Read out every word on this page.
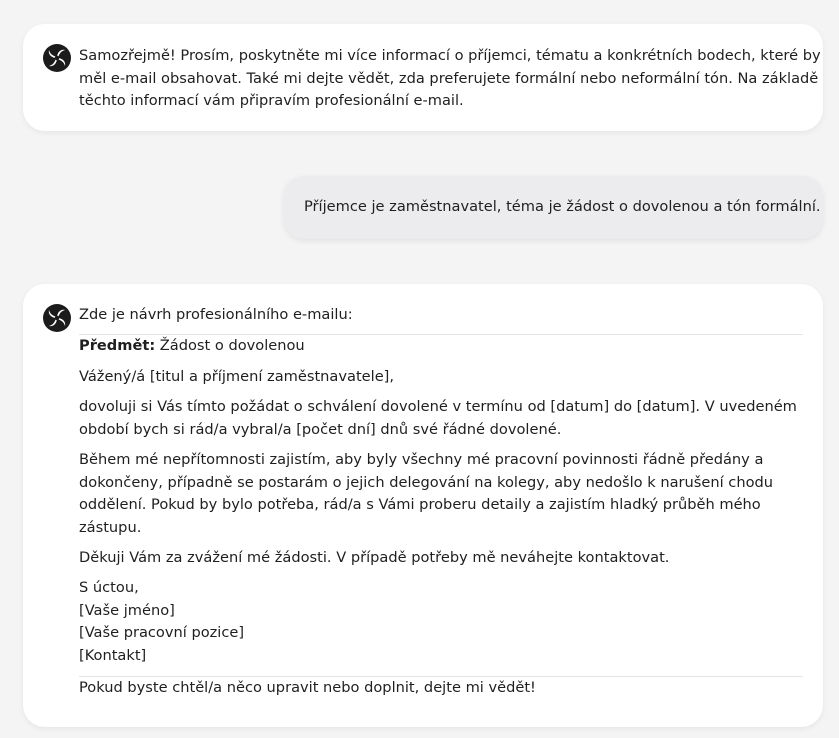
Samozřejmě! Prosím, poskytněte mi více informací o příjemci, tématu a konkrétních bodech, které by

měl e-mail obsahovat. Také mi dejte vědět, zda preferujete formální nebo neformální tón. Na základě

těchto informací vám připravím profesionální e-mail.

Příjemce je zaměstnavatel, téma je žádost o dovolenou a tón formální.

Zde je návrh profesionálního e-mailu:

Předmět: Žádost o dovolenou

Vážený/á [titul a příjmení zaměstnavatele],

dovoluji si Vás tímto požádat o schválení dovolené v termínu od [datum] do [datum]. V uvedeném

období bych si rád/a vybral/a [počet dní] dnů své řádné dovolené.

Během mé nepřítomnosti zajistím, aby byly všechny mé pracovní povinnosti řádně předány a

dokončeny, případně se postarám o jejich delegování na kolegy, aby nedošlo k narušení chodu

oddělení. Pokud by bylo potřeba, rád/a s Vámi proberu detaily a zajistím hladký průběh mého

zástupu.

Děkuji Vám za zvážení mé žádosti. V případě potřeby mě neváhejte kontaktovat.

S úctou,

[Vaše jméno]

[Vaše pracovní pozice]

[Kontakt]

Pokud byste chtěl/a něco upravit nebo doplnit, dejte mi vědět!
